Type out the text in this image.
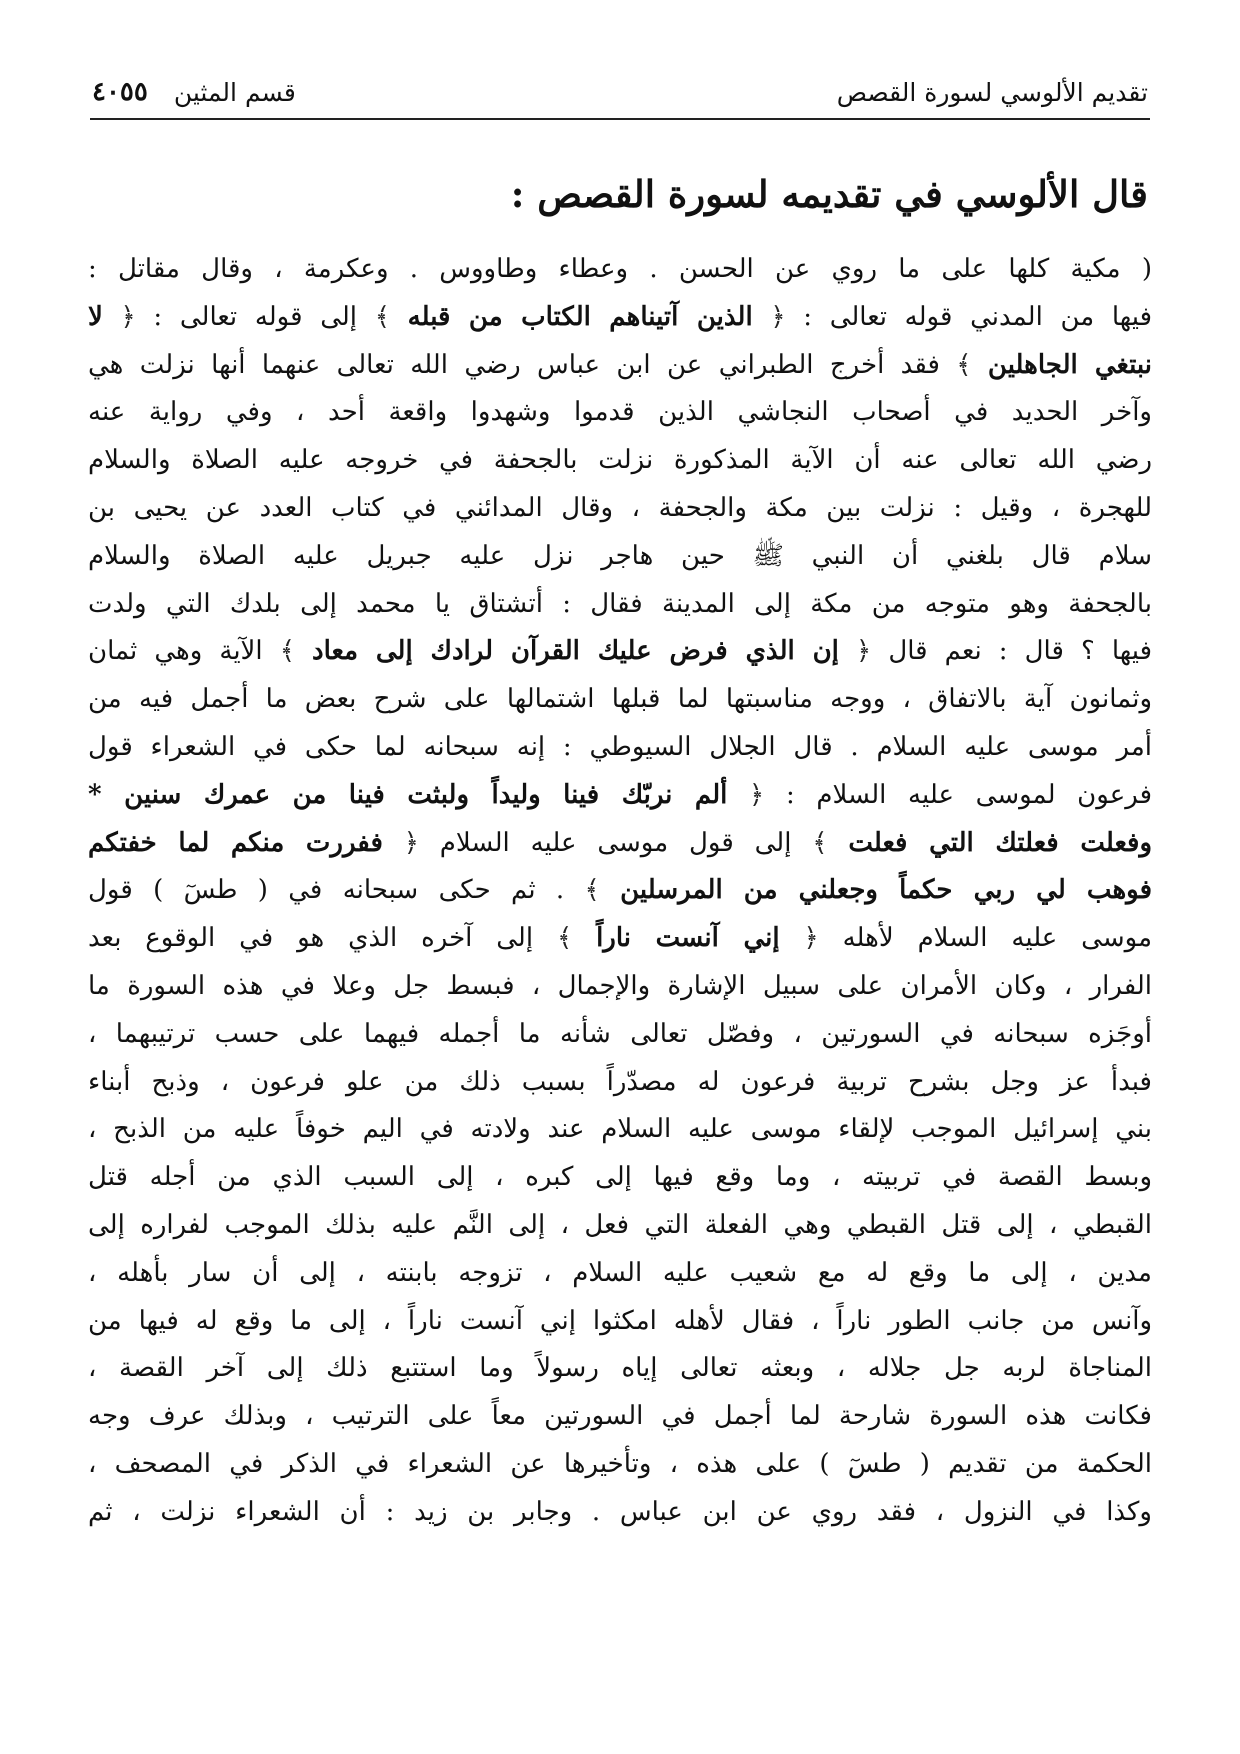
تقديم الألوسي لسورة القصص
قسم المثين
٤٠٥٥
قال الألوسي في تقديمه لسورة القصص :
( مكية كلها على ما روي عن الحسن . وعطاء وطاووس . وعكرمة ، وقال مقاتل :
فيها من المدني قوله تعالى : ﴿ الذين آتيناهم الكتاب من قبله ﴾ إلى قوله تعالى : ﴿ لا
نبتغي الجاهلين ﴾ فقد أخرج الطبراني عن ابن عباس رضي الله تعالى عنهما أنها نزلت هي
وآخر الحديد في أصحاب النجاشي الذين قدموا وشهدوا واقعة أحد ، وفي رواية عنه
رضي الله تعالى عنه أن الآية المذكورة نزلت بالجحفة في خروجه عليه الصلاة والسلام
للهجرة ، وقيل : نزلت بين مكة والجحفة ، وقال المدائني في كتاب العدد عن يحيى بن
سلام قال بلغني أن النبي ﷺ حين هاجر نزل عليه جبريل عليه الصلاة والسلام
بالجحفة وهو متوجه من مكة إلى المدينة فقال : أتشتاق يا محمد إلى بلدك التي ولدت
فيها ؟ قال : نعم قال ﴿ إن الذي فرض عليك القرآن لرادك إلى معاد ﴾ الآية وهي ثمان
وثمانون آية بالاتفاق ، ووجه مناسبتها لما قبلها اشتمالها على شرح بعض ما أجمل فيه من
أمر موسى عليه السلام . قال الجلال السيوطي : إنه سبحانه لما حكى في الشعراء قول
فرعون لموسى عليه السلام : ﴿ ألم نربّك فينا وليداً ولبثت فينا من عمرك سنين *
وفعلت فعلتك التي فعلت ﴾ إلى قول موسى عليه السلام ﴿ ففررت منكم لما خفتكم
فوهب لي ربي حكماً وجعلني من المرسلين ﴾ . ثم حكى سبحانه في ( طسٓ ) قول
موسى عليه السلام لأهله ﴿ إني آنست ناراً ﴾ إلى آخره الذي هو في الوقوع بعد
الفرار ، وكان الأمران على سبيل الإشارة والإجمال ، فبسط جل وعلا في هذه السورة ما
أوجَزه سبحانه في السورتين ، وفصّل تعالى شأنه ما أجمله فيهما على حسب ترتيبهما ،
فبدأ عز وجل بشرح تربية فرعون له مصدّراً بسبب ذلك من علو فرعون ، وذبح أبناء
بني إسرائيل الموجب لإلقاء موسى عليه السلام عند ولادته في اليم خوفاً عليه من الذبح ،
وبسط القصة في تربيته ، وما وقع فيها إلى كبره ، إلى السبب الذي من أجله قتل
القبطي ، إلى قتل القبطي وهي الفعلة التي فعل ، إلى النَّم عليه بذلك الموجب لفراره إلى
مدين ، إلى ما وقع له مع شعيب عليه السلام ، تزوجه بابنته ، إلى أن سار بأهله ،
وآنس من جانب الطور ناراً ، فقال لأهله امكثوا إني آنست ناراً ، إلى ما وقع له فيها من
المناجاة لربه جل جلاله ، وبعثه تعالى إياه رسولاً وما استتبع ذلك إلى آخر القصة ،
فكانت هذه السورة شارحة لما أجمل في السورتين معاً على الترتيب ، وبذلك عرف وجه
الحكمة من تقديم ( طسٓ ) على هذه ، وتأخيرها عن الشعراء في الذكر في المصحف ،
وكذا في النزول ، فقد روي عن ابن عباس . وجابر بن زيد : أن الشعراء نزلت ، ثم
